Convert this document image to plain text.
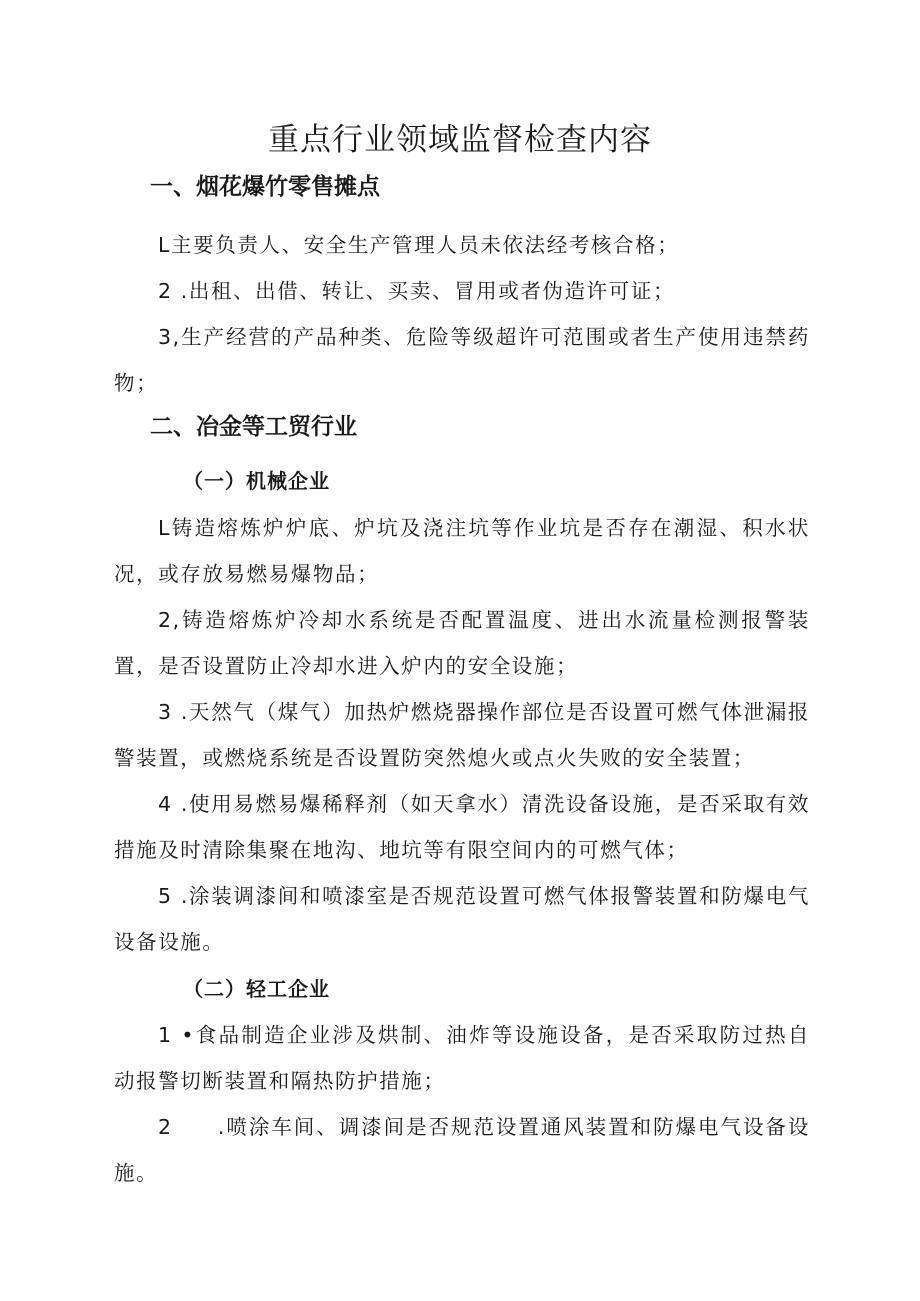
重点行业领域监督检查内容
一、烟花爆竹零售摊点

L主要负责人、安全生产管理人员未依法经考核合格；

2 .出租、出借、转让、买卖、冒用或者伪造许可证；

3,生产经营的产品种类、危险等级超许可范围或者生产使用违禁药物；

二、冶金等工贸行业
（一）机械企业

L铸造熔炼炉炉底、炉坑及浇注坑等作业坑是否存在潮湿、积水状况，或存放易燃易爆物品；

2,铸造熔炼炉冷却水系统是否配置温度、进出水流量检测报警装置，是否设置防止冷却水进入炉内的安全设施；

3 .天然气（煤气）加热炉燃烧器操作部位是否设置可燃气体泄漏报警装置，或燃烧系统是否设置防突然熄火或点火失败的安全装置；

4 .使用易燃易爆稀释剂（如天拿水）清洗设备设施，是否采取有效措施及时清除集聚在地沟、地坑等有限空间内的可燃气体；

5 .涂装调漆间和喷漆室是否规范设置可燃气体报警装置和防爆电气设备设施。

（二）轻工企业

1 •食品制造企业涉及烘制、油炸等设施设备，是否采取防过热自动报警切断装置和隔热防护措施；

2　　.喷涂车间、调漆间是否规范设置通风装置和防爆电气设备设施。
